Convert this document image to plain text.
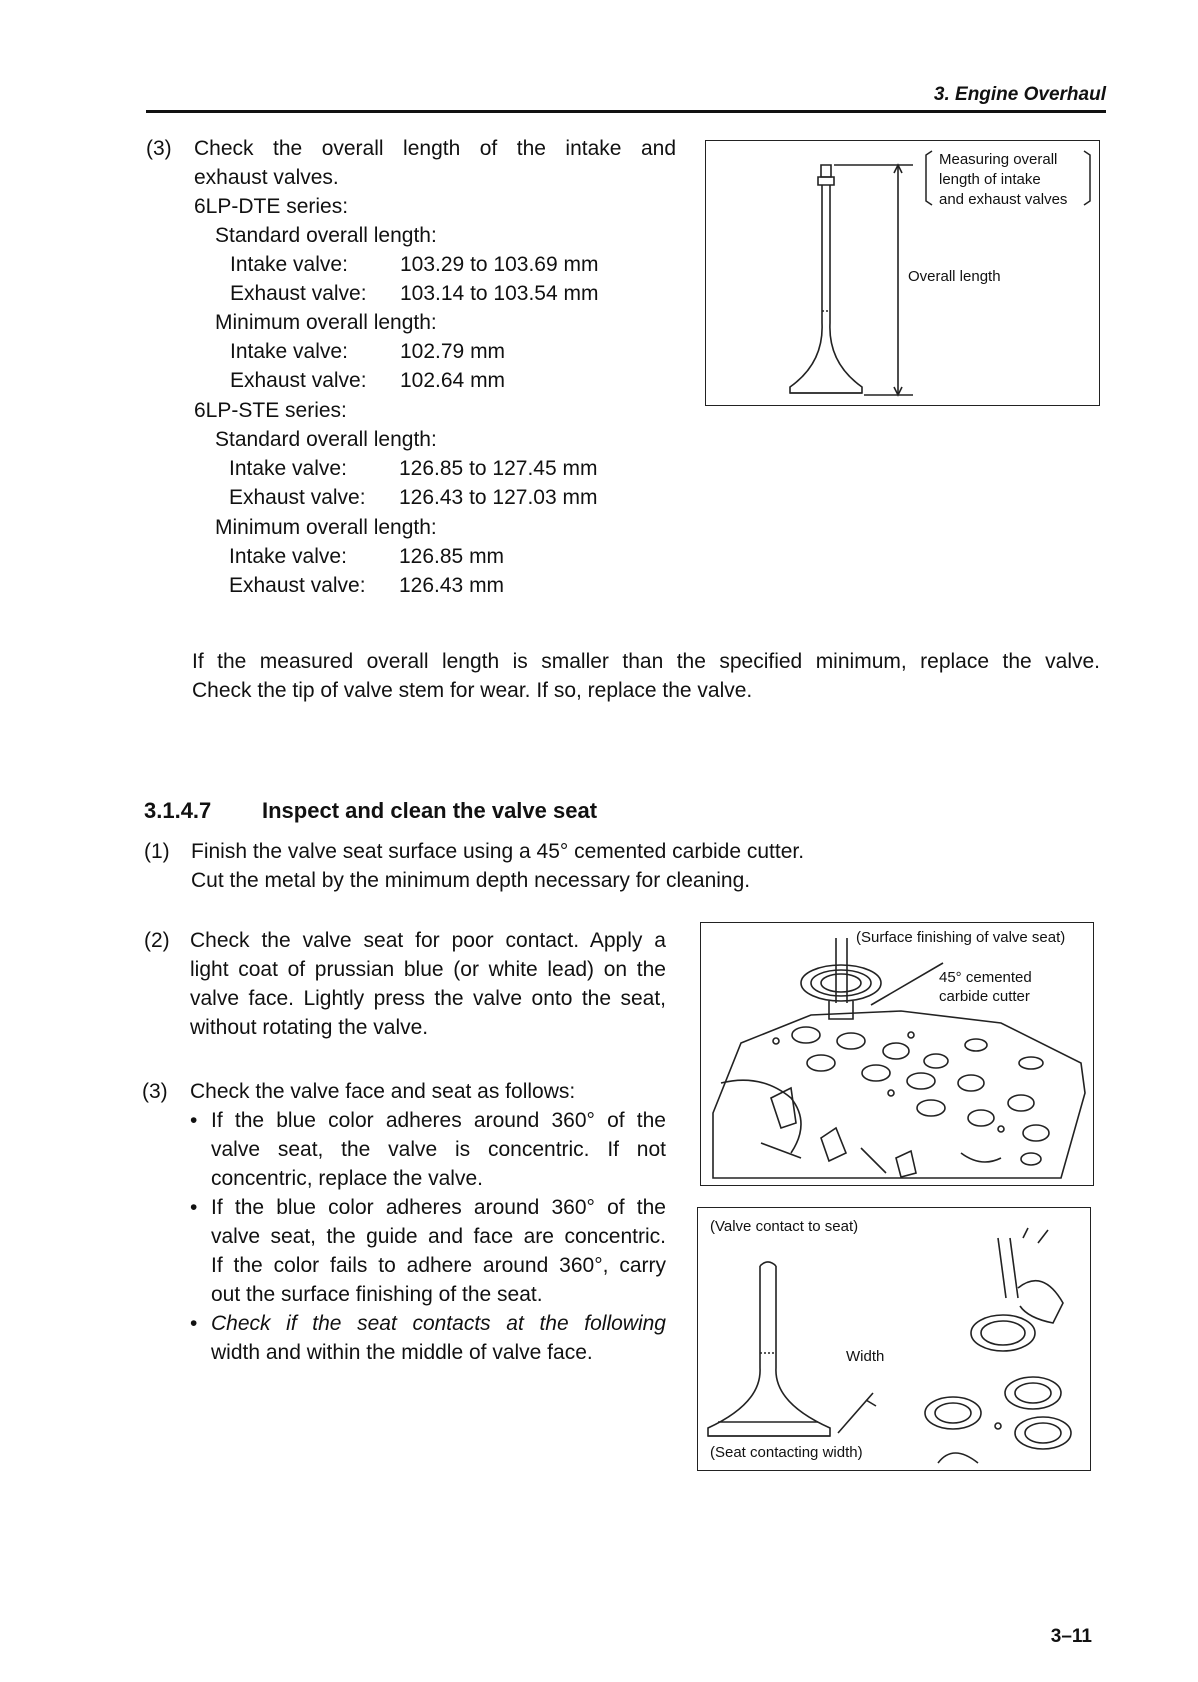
3. Engine Overhaul
(3) Check the overall length of the intake and
exhaust valves.
6LP-DTE series:
Standard overall length:
Intake valve: 103.29 to 103.69 mm
Exhaust valve: 103.14 to 103.54 mm
Minimum overall length:
Intake valve: 102.79 mm
Exhaust valve: 102.64 mm
6LP-STE series:
Standard overall length:
Intake valve: 126.85 to 127.45 mm
Exhaust valve: 126.43 to 127.03 mm
Minimum overall length:
Intake valve: 126.85 mm
Exhaust valve: 126.43 mm
If the measured overall length is smaller than the specified minimum, replace the valve.
Check the tip of valve stem for wear. If so, replace the valve.
Measuring overall
length of intake
and exhaust valves
Overall length
3.1.4.7 Inspect and clean the valve seat
(1) Finish the valve seat surface using a 45° cemented carbide cutter.
Cut the metal by the minimum depth necessary for cleaning.
(2) Check the valve seat for poor contact. Apply a
light coat of prussian blue (or white lead) on the
valve face. Lightly press the valve onto the seat,
without rotating the valve.
(3) Check the valve face and seat as follows:
• If the blue color adheres around 360° of the
valve seat, the valve is concentric. If not
concentric, replace the valve.
• If the blue color adheres around 360° of the
valve seat, the guide and face are concentric.
If the color fails to adhere around 360°, carry
out the surface finishing of the seat.
• Check if the seat contacts at the following
width and within the middle of valve face.
(Surface finishing of valve seat)
45° cemented
carbide cutter
(Valve contact to seat)
Width
(Seat contacting width)
3–11
